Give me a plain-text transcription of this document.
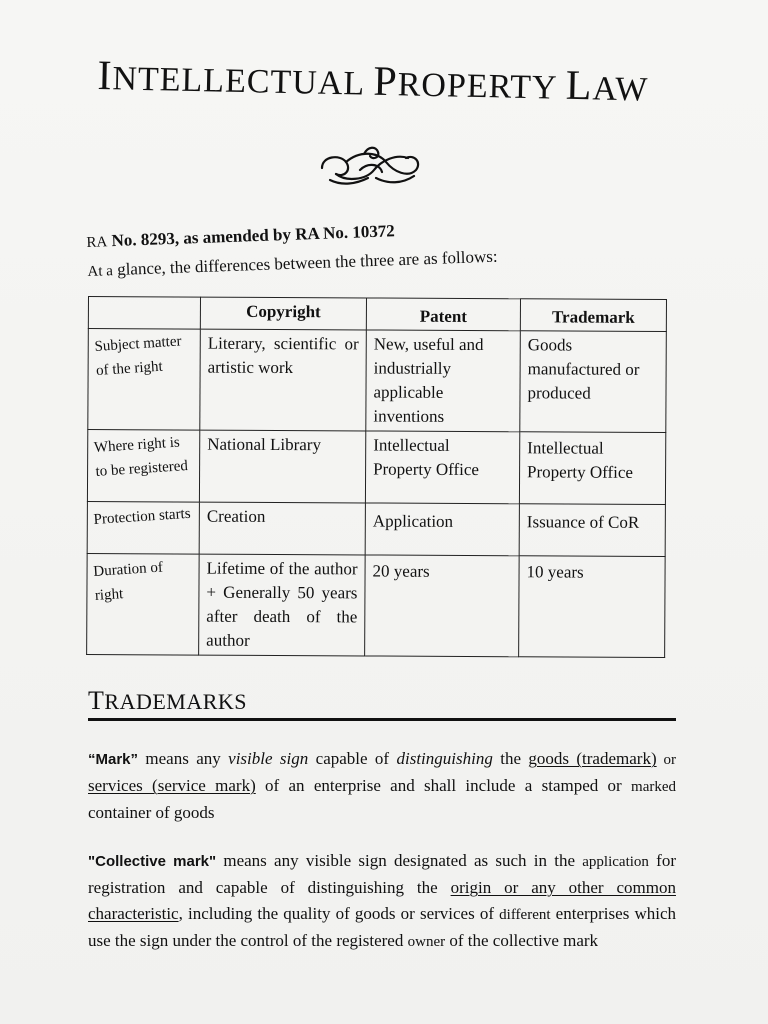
INTELLECTUAL PROPERTY LAW
RA No. 8293, as amended by RA No. 10372
At a glance, the differences between the three are as follows:
	Copyright	Patent	Trademark
Subject matter of the right	Literary, scientific or artistic work	New, useful and industrially applicable inventions	Goods manufactured or produced
Where right is to be registered	National Library	Intellectual Property Office	Intellectual Property Office
Protection starts	Creation	Application	Issuance of CoR
Duration of right	Lifetime of the author + Generally 50 years after death of the author	20 years	10 years
TRADEMARKS
“Mark” means any visible sign capable of distinguishing the goods (trademark) or services (service mark) of an enterprise and shall include a stamped or marked container of goods
"Collective mark" means any visible sign designated as such in the application for registration and capable of distinguishing the origin or any other common characteristic, including the quality of goods or services of different enterprises which use the sign under the control of the registered owner of the collective mark
